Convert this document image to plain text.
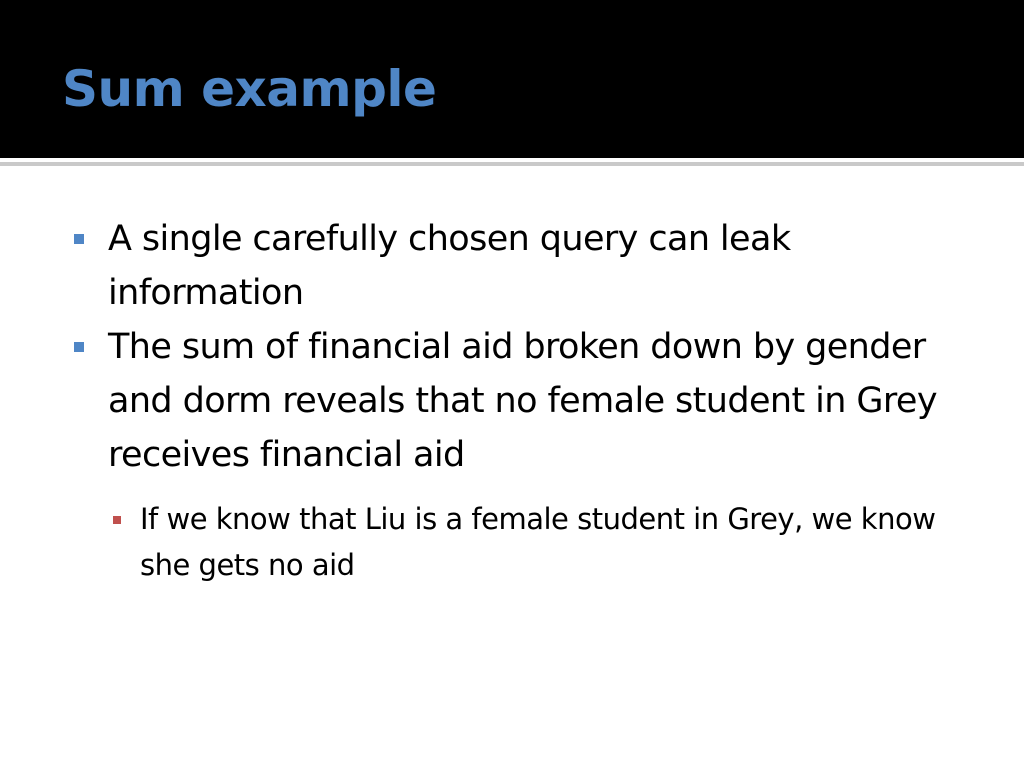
Sum example
A single carefully chosen query can leak information
The sum of financial aid broken down by gender and dorm reveals that no female student in Grey receives financial aid
If we know that Liu is a female student in Grey, we know she gets no aid
